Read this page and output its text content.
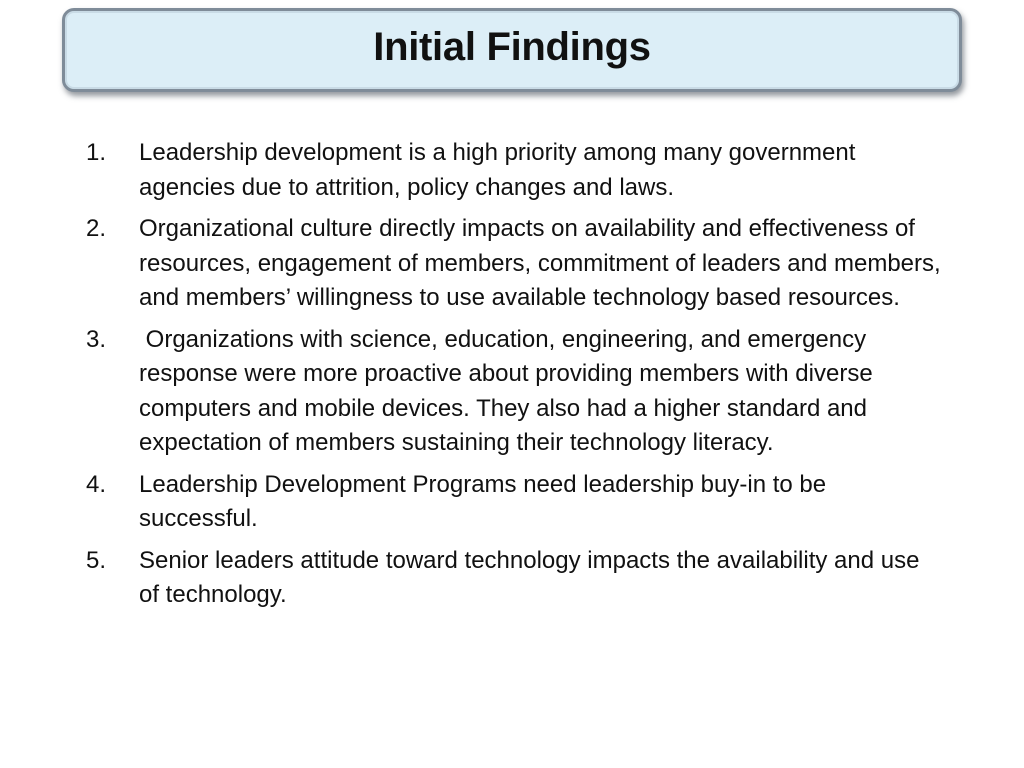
Initial Findings
1. Leadership development is a high priority among many government agencies due to attrition, policy changes and laws.
2. Organizational culture directly impacts on availability and effectiveness of resources, engagement of members, commitment of leaders and members, and members’ willingness to use available technology based resources.
3. Organizations with science, education, engineering, and emergency response were more proactive about providing members with diverse computers and mobile devices. They also had a higher standard and expectation of members sustaining their technology literacy.
4. Leadership Development Programs need leadership buy-in to be successful.
5. Senior leaders attitude toward technology impacts the availability and use of technology.
